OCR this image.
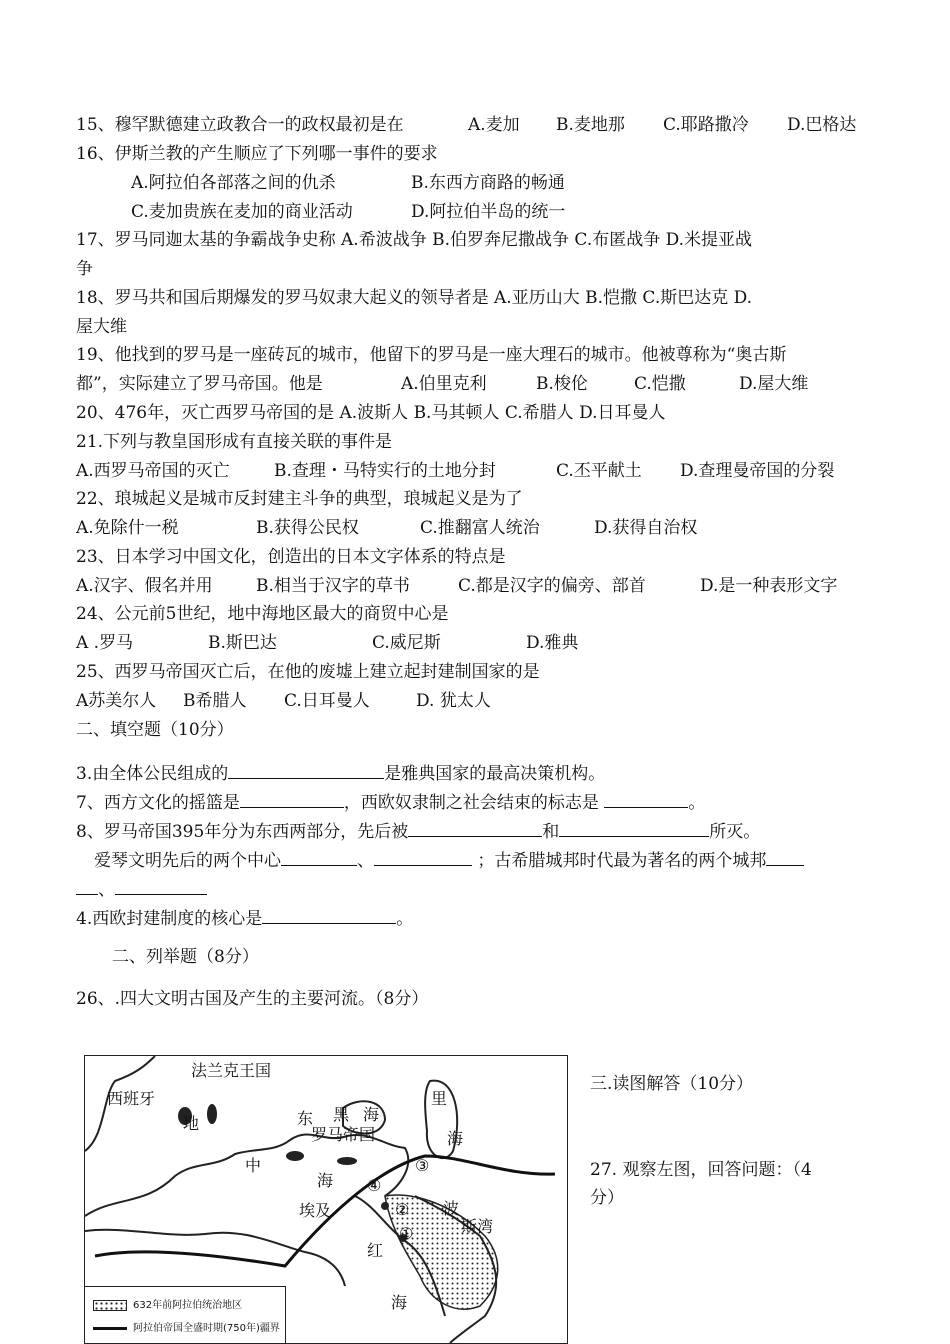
15、穆罕默德建立政教合一的政权最初是在	A.麦加 B.麦地那 C.耶路撒冷 D.巴格达
16、伊斯兰教的产生顺应了下列哪一事件的要求
A.阿拉伯各部落之间的仇杀	B.东西方商路的畅通
C.麦加贵族在麦加的商业活动	D.阿拉伯半岛的统一
17、罗马同迦太基的争霸战争史称 A.希波战争 B.伯罗奔尼撒战争 C.布匿战争 D.米提亚战
争
18、罗马共和国后期爆发的罗马奴隶大起义的领导者是 A.亚历山大 B.恺撒 C.斯巴达克 D.
屋大维
19、他找到的罗马是一座砖瓦的城市，他留下的罗马是一座大理石的城市。他被尊称为“奥古斯
都”，实际建立了罗马帝国。他是	A.伯里克利	B.梭伦	C.恺撒	D.屋大维
20、476年，灭亡西罗马帝国的是 A.波斯人 B.马其顿人 C.希腊人 D.日耳曼人
21.下列与教皇国形成有直接关联的事件是
A.西罗马帝国的灭亡	B.查理・马特实行的土地分封	C.丕平献土 D.查理曼帝国的分裂
22、琅城起义是城市反封建主斗争的典型，琅城起义是为了
A.免除什一税	B.获得公民权	C.推翻富人统治	D.获得自治权
23、日本学习中国文化，创造出的日本文字体系的特点是
A.汉字、假名并用	B.相当于汉字的草书	C.都是汉字的偏旁、部首	D.是一种表形文字
24、公元前5世纪，地中海地区最大的商贸中心是
A .罗马	B.斯巴达	C.威尼斯	D.雅典
25、西罗马帝国灭亡后，在他的废墟上建立起封建制国家的是
A苏美尔人 B希腊人 C.日耳曼人	D. 犹太人
二、填空题（10分）
3.由全体公民组成的	是雅典国家的最高决策机构。
7、西方文化的摇篮是	，西欧奴隶制之社会结束的标志是	。
8、罗马帝国395年分为东西两部分，先后被	和	所灭。
爱琴文明先后的两个中心	、	；古希腊城邦时代最为著名的两个城邦
、
4.西欧封建制度的核心是	。
二、列举题（8分）
26、.四大文明古国及产生的主要河流。（8分）
法兰克王国
西班牙
地
中
海
东
罗马帝国
黑 海
里
海
埃及	波
斯湾
红
海
①
②
③
④
632年前阿拉伯统治地区
阿拉伯帝国全盛时期(750年)疆界
三.读图解答（10分）
27. 观察左图，回答问题：（4
分）
